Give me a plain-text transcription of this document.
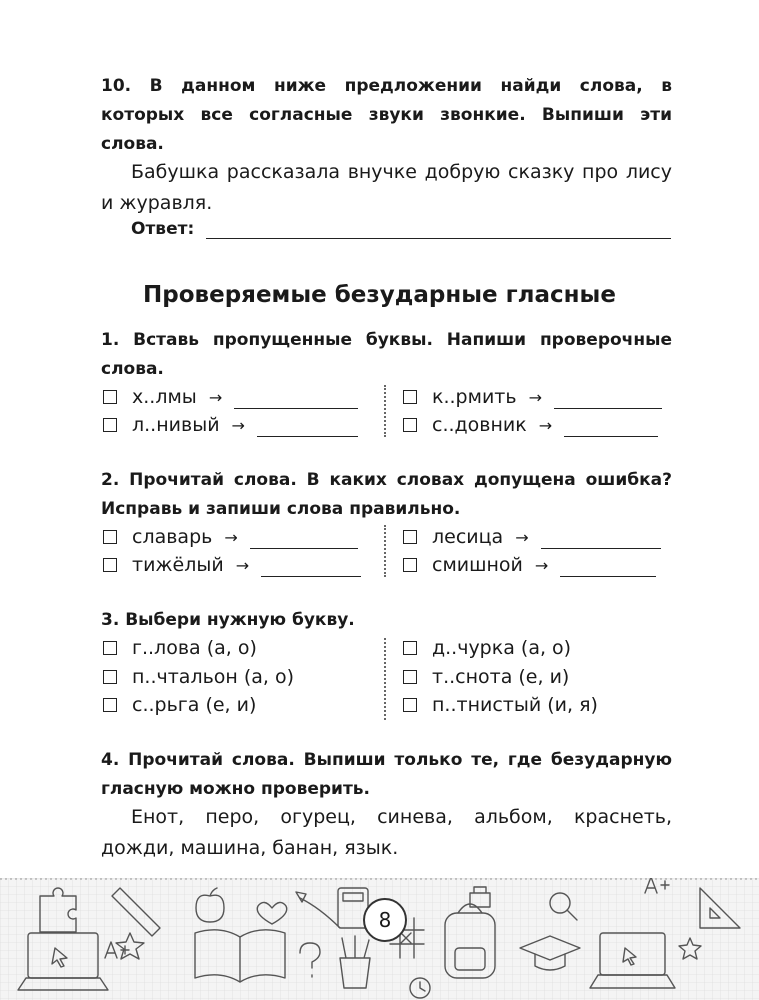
10. В данном ниже предложении найди слова, в которых все согласные звуки звонкие. Выпиши эти слова.
Бабушка рассказала внучке добрую сказку про лису и журавля.
Ответ:
Проверяемые безударные гласные
1. Вставь пропущенные буквы. Напиши проверочные слова.
х..лмы →
л..нивый →
к..рмить →
с..довник →
2. Прочитай слова. В каких словах допущена ошибка? Исправь и запиши слова правильно.
славарь →
тижёлый →
лесица →
смишной →
3. Выбери нужную букву.
г..лова (а, о)
п..чтальон (а, о)
с..рьга (е, и)
д..чурка (а, о)
т..снота (е, и)
п..тнистый (и, я)
4. Прочитай слова. Выпиши только те, где безударную гласную можно проверить.
Енот, перо, огурец, синева, альбом, краснеть, дожди, машина, банан, язык.
8
